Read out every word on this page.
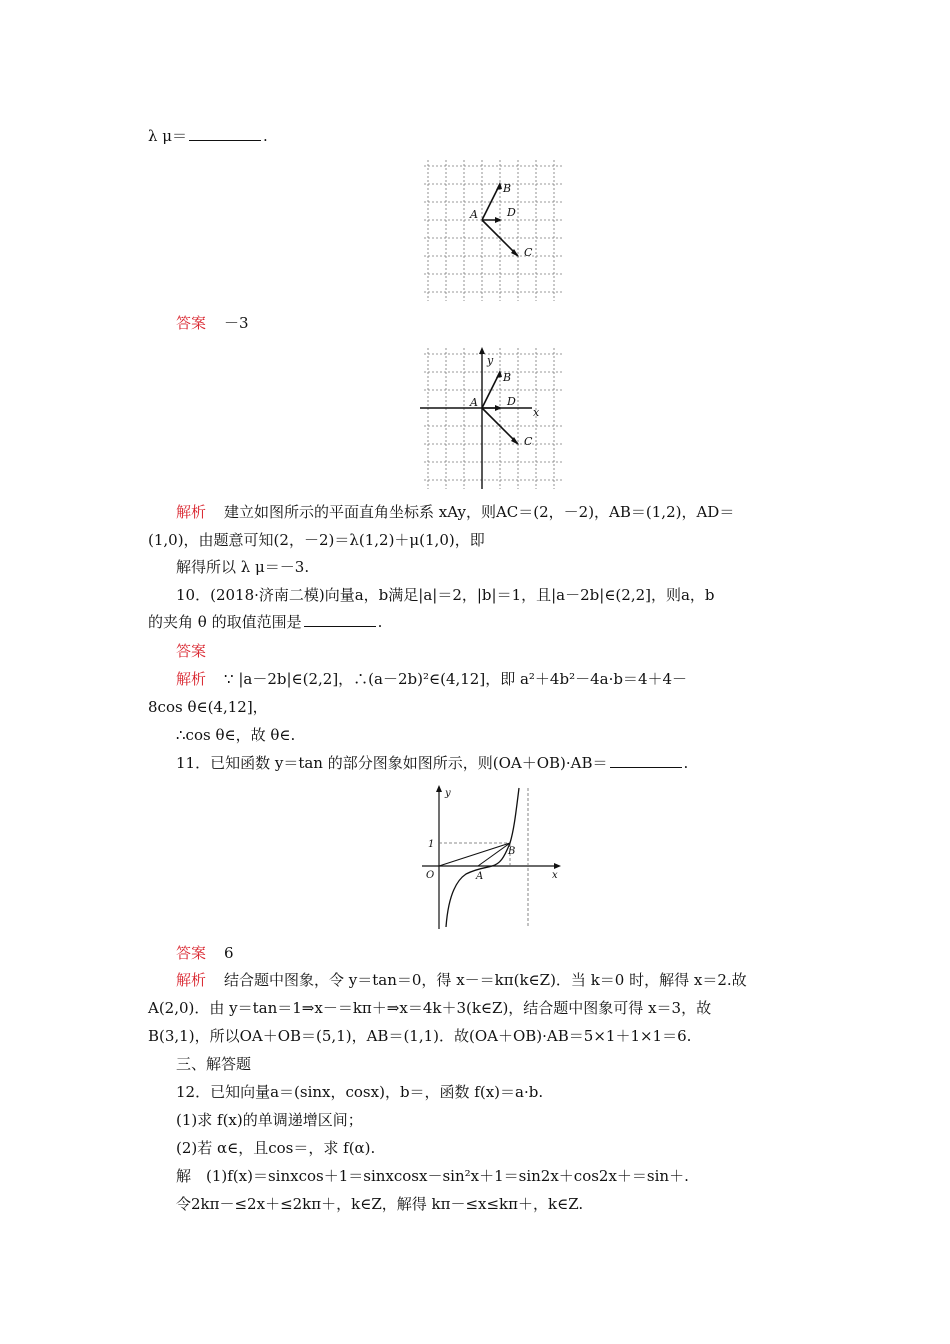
λ μ＝	.
B
A	D
C
答案 －3
y
B
A	D
x
C
解析 建立如图所示的平面直角坐标系 xAy，则AC＝(2，－2)，AB＝(1,2)，AD＝
(1,0)，由题意可知(2，－2)＝λ(1,2)＋μ(1,0)，即
解得所以 λ μ＝－3.
10．(2018·济南二模)向量a，b满足|a|＝2，|b|＝1，且|a－2b|∈(2,2]，则a，b
的夹角 θ 的取值范围是	.
答案
解析 ∵ |a－2b|∈(2,2]，∴(a－2b)²∈(4,12]，即 a²＋4b²－4a·b＝4＋4－
8cos θ∈(4,12]，
∴cos θ∈，故 θ∈.
11．已知函数 y＝tan 的部分图象如图所示，则(OA＋OB)·AB＝	.
y
1
O	A
B
x
答案 6
解析 结合题中图象，令 y＝tan＝0，得 x－＝kπ(k∈Z)．当 k＝0 时，解得 x＝2.故
A(2,0)．由 y＝tan＝1⇒x－＝kπ＋⇒x＝4k＋3(k∈Z)，结合题中图象可得 x＝3，故
B(3,1)，所以OA＋OB＝(5,1)，AB＝(1,1)．故(OA＋OB)·AB＝5×1＋1×1＝6.
三、解答题
12．已知向量a＝(sinx，cosx)，b＝，函数 f(x)＝a·b.
(1)求 f(x)的单调递增区间；
(2)若 α∈，且cos＝，求 f(α).
解　(1)f(x)＝sinxcos＋1＝sinxcosx－sin²x＋1＝sin2x＋cos2x＋＝sin＋.
令2kπ－≤2x＋≤2kπ＋，k∈Z，解得 kπ－≤x≤kπ＋，k∈Z.
